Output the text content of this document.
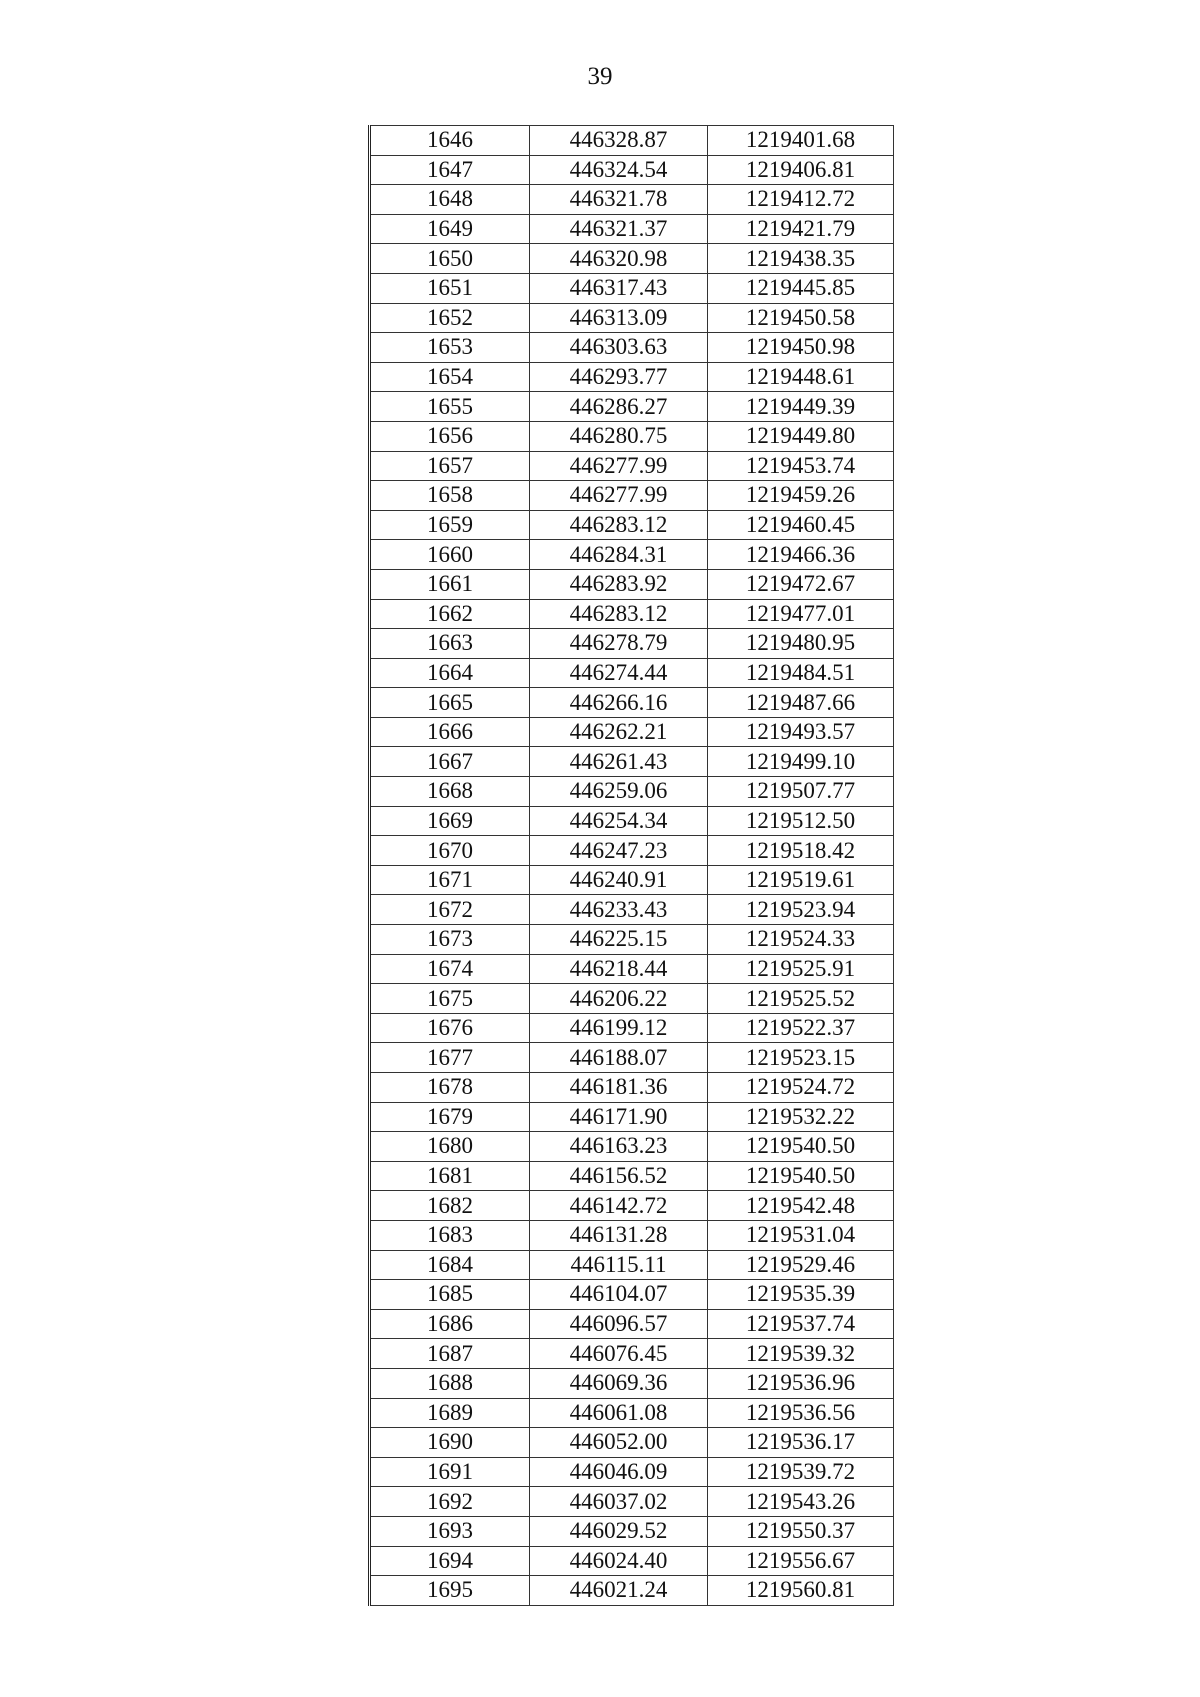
39
1646	446328.87	1219401.68
1647	446324.54	1219406.81
1648	446321.78	1219412.72
1649	446321.37	1219421.79
1650	446320.98	1219438.35
1651	446317.43	1219445.85
1652	446313.09	1219450.58
1653	446303.63	1219450.98
1654	446293.77	1219448.61
1655	446286.27	1219449.39
1656	446280.75	1219449.80
1657	446277.99	1219453.74
1658	446277.99	1219459.26
1659	446283.12	1219460.45
1660	446284.31	1219466.36
1661	446283.92	1219472.67
1662	446283.12	1219477.01
1663	446278.79	1219480.95
1664	446274.44	1219484.51
1665	446266.16	1219487.66
1666	446262.21	1219493.57
1667	446261.43	1219499.10
1668	446259.06	1219507.77
1669	446254.34	1219512.50
1670	446247.23	1219518.42
1671	446240.91	1219519.61
1672	446233.43	1219523.94
1673	446225.15	1219524.33
1674	446218.44	1219525.91
1675	446206.22	1219525.52
1676	446199.12	1219522.37
1677	446188.07	1219523.15
1678	446181.36	1219524.72
1679	446171.90	1219532.22
1680	446163.23	1219540.50
1681	446156.52	1219540.50
1682	446142.72	1219542.48
1683	446131.28	1219531.04
1684	446115.11	1219529.46
1685	446104.07	1219535.39
1686	446096.57	1219537.74
1687	446076.45	1219539.32
1688	446069.36	1219536.96
1689	446061.08	1219536.56
1690	446052.00	1219536.17
1691	446046.09	1219539.72
1692	446037.02	1219543.26
1693	446029.52	1219550.37
1694	446024.40	1219556.67
1695	446021.24	1219560.81
